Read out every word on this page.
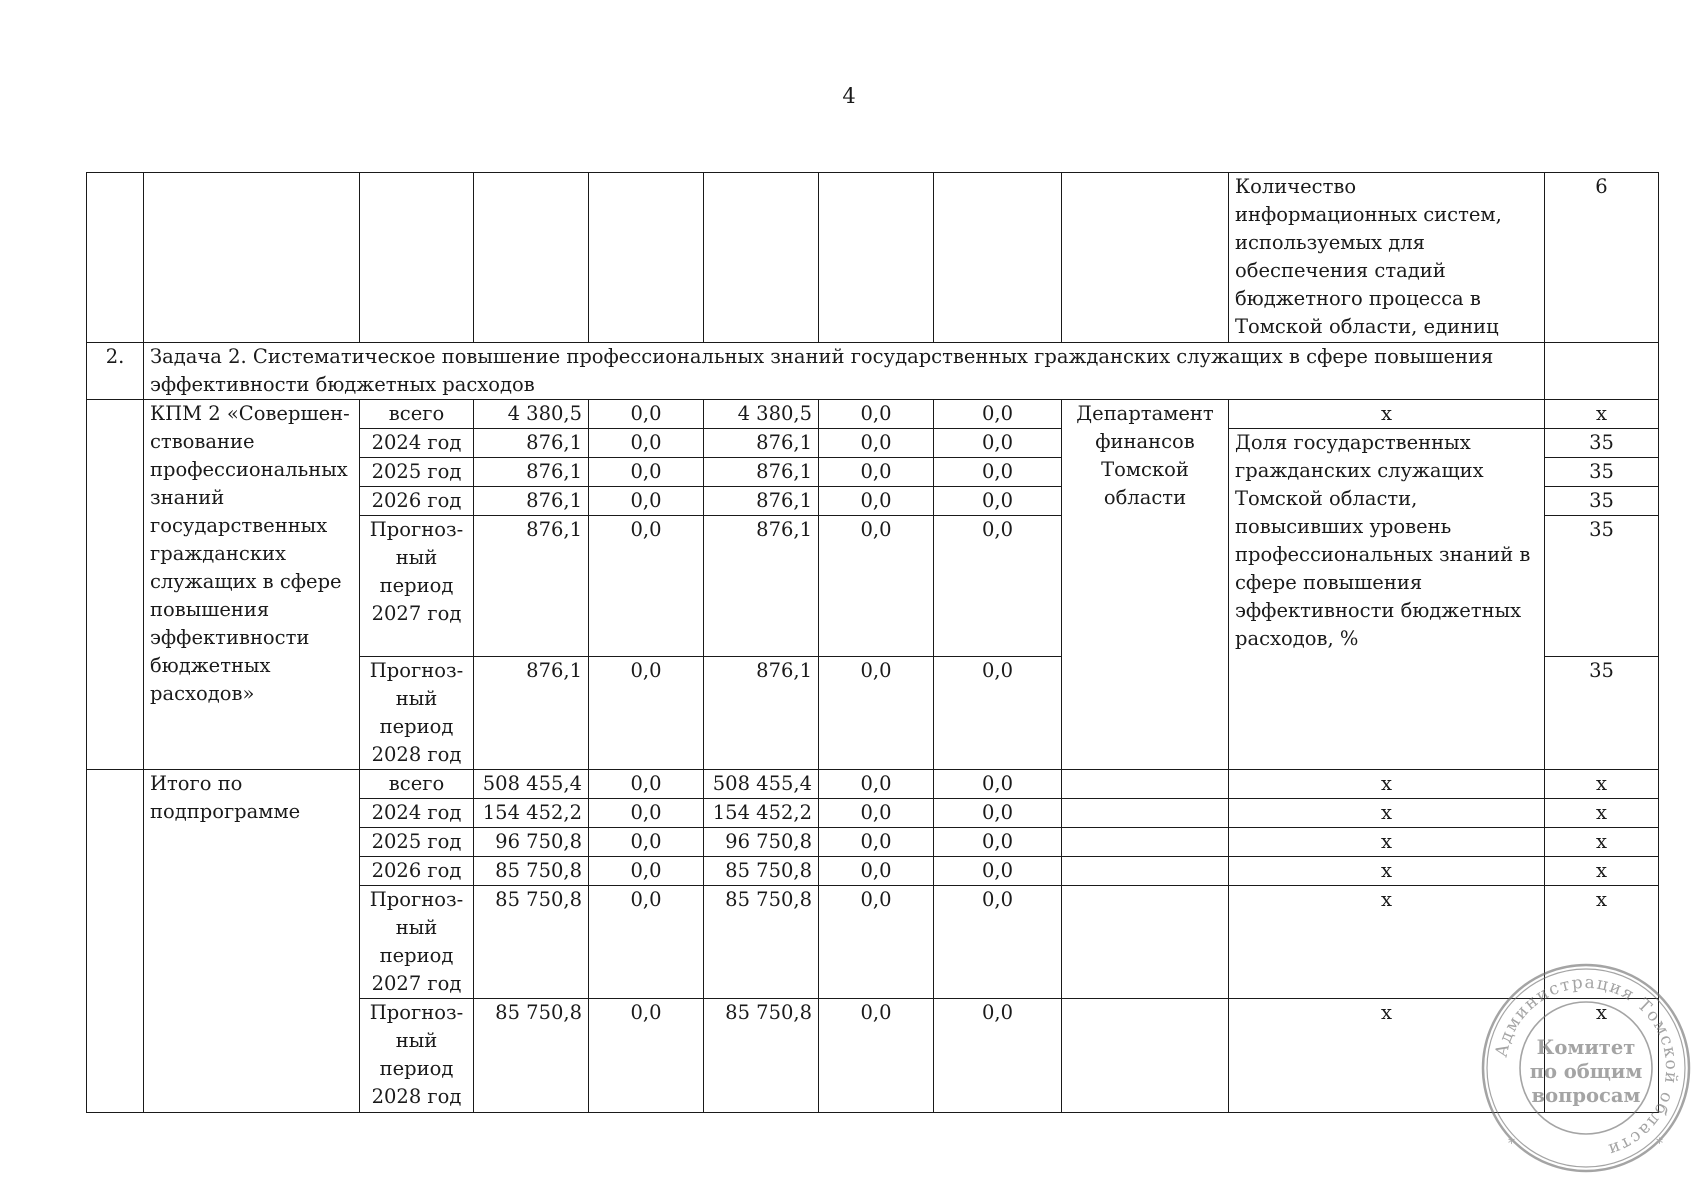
4
									Количество информационных систем, используемых для обеспечения стадий бюджетного процесса в Томской области, единиц	6
2.	Задача 2. Систематическое повышение профессиональных знаний государственных гражданских служащих в сфере повышения эффективности бюджетных расходов									
	КПМ 2 «Совершен-ствование профессиональных знаний государственных гражданских служащих в сфере повышения эффективности бюджетных расходов»	всего	4 380,5	0,0	4 380,5	0,0	0,0	Департамент финансов Томской области	х	х
		2024 год	876,1	0,0	876,1	0,0	0,0		Доля государственных гражданских служащих Томской области, повысивших уровень профессиональных знаний в сфере повышения эффективности бюджетных расходов, %	35
		2025 год	876,1	0,0	876,1	0,0	0,0			35
		2026 год	876,1	0,0	876,1	0,0	0,0			35
		Прогноз-ный период 2027 год	876,1	0,0	876,1	0,0	0,0			35
		Прогноз-ный период 2028 год	876,1	0,0	876,1	0,0	0,0			35
	Итого по подпрограмме	всего	508 455,4	0,0	508 455,4	0,0	0,0		х	х
		2024 год	154 452,2	0,0	154 452,2	0,0	0,0		х	х
		2025 год	96 750,8	0,0	96 750,8	0,0	0,0		х	х
		2026 год	85 750,8	0,0	85 750,8	0,0	0,0		х	х
		Прогноз-ный период 2027 год	85 750,8	0,0	85 750,8	0,0	0,0		х	х
		Прогноз-ный период 2028 год	85 750,8	0,0	85 750,8	0,0	0,0		х	х
Администрация Томской области
*	*
Комитет
по общим
вопросам
